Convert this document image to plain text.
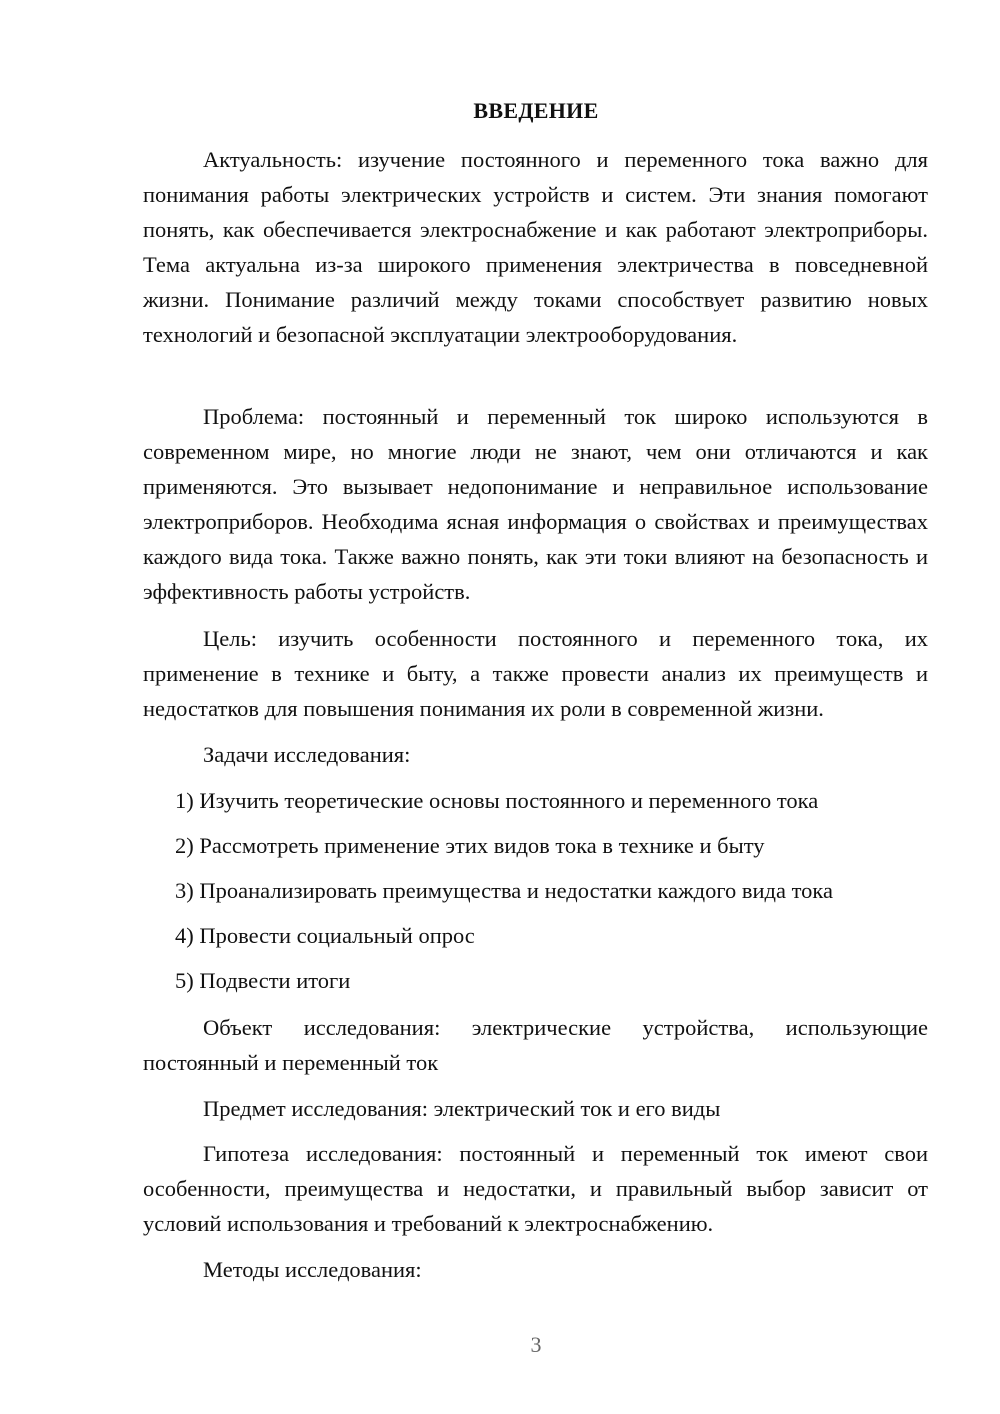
ВВЕДЕНИЕ

Актуальность: изучение постоянного и переменного тока важно для понимания работы электрических устройств и систем. Эти знания помогают понять, как обеспечивается электроснабжение и как работают электроприборы. Тема актуальна из-за широкого применения электричества в повседневной жизни. Понимание различий между токами способствует развитию новых технологий и безопасной эксплуатации электрооборудования.

Проблема: постоянный и переменный ток широко используются в современном мире, но многие люди не знают, чем они отличаются и как применяются. Это вызывает недопонимание и неправильное использование электроприборов. Необходима ясная информация о свойствах и преимуществах каждого вида тока. Также важно понять, как эти токи влияют на безопасность и эффективность работы устройств.

Цель: изучить особенности постоянного и переменного тока, их применение в технике и быту, а также провести анализ их преимуществ и недостатков для повышения понимания их роли в современной жизни.

Задачи исследования:
1) Изучить теоретические основы постоянного и переменного тока
2) Рассмотреть применение этих видов тока в технике и быту
3) Проанализировать преимущества и недостатки каждого вида тока
4) Провести социальный опрос
5) Подвести итоги

Объект исследования: электрические устройства, использующие постоянный и переменный ток

Предмет исследования: электрический ток и его виды

Гипотеза исследования: постоянный и переменный ток имеют свои особенности, преимущества и недостатки, и правильный выбор зависит от условий использования и требований к электроснабжению.

Методы исследования:
3
